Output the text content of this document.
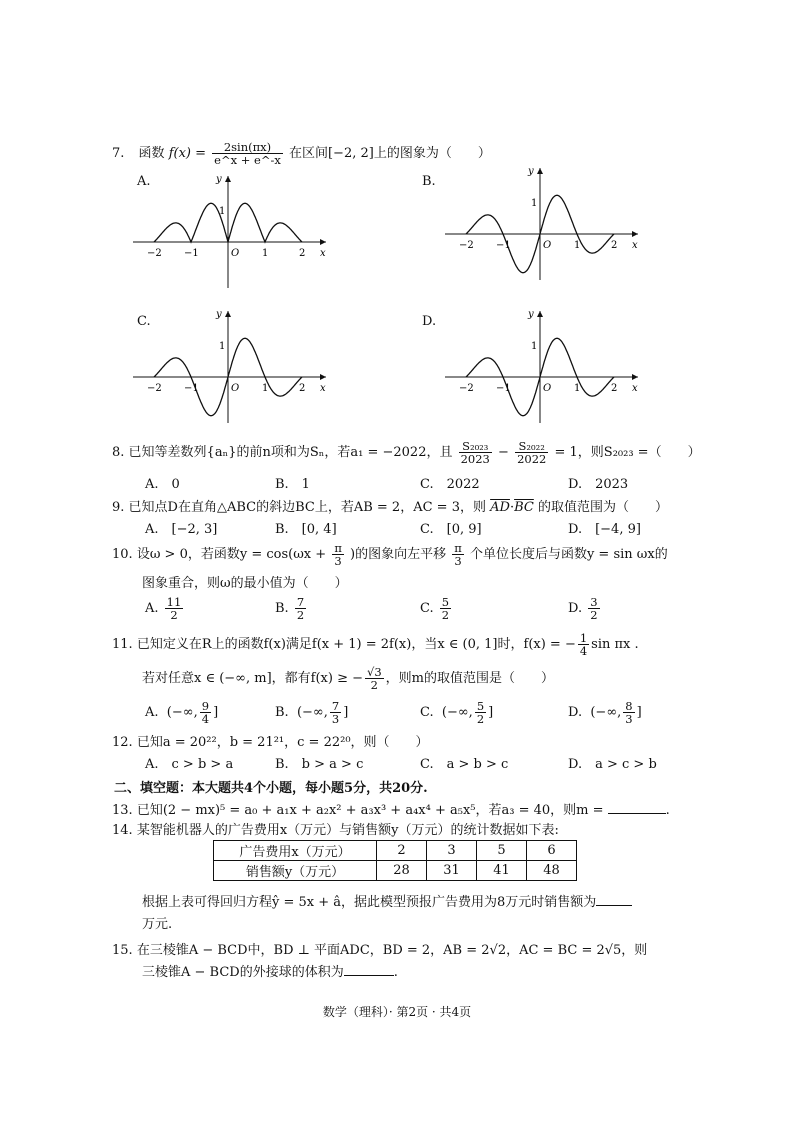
7. 函数 $f(x) = \frac{2\sin(\pi x)}{e\^{}x + e\^{}-x}$ 在区间[−2, 2]上的图象为（　　）
A.	B.
C.	D.
x
y
O
1
−2 −1	1	2
x
y
O
1
−2 −1	1	2
x
y
O
1
−2 −1	1	2	x
y
O
1
−2 −1	1	2
8. 已知等差数列{aₙ}的前n项和为Sₙ，若a₁ = −2022，且 $\frac{\text{S₂₀₂₃}}{2023} - \frac{\text{S₂₀₂₂}}{2022} = 1$，则S₂₀₂₃ =（　　）
A.　0	B.　1	C.　2022	D.　2023
9. 已知点D在直角△ABC的斜边BC上，若AB = 2，AC = 3，则 $\overline{AD}\cdot\overline{BC}$ 的取值范围为（　　）
A.　[−2, 3]	B.　[0, 4]	C.　[0, 9]	D.　[−4, 9]
10. 设ω > 0，若函数$y = \cos(\omega x + \frac{\pi}{3}$ )的图象向左平移 $\frac{\pi}{3}$ 个单位长度后与函数y = sin ωx的
图象重合，则ω的最小值为（　　）
A. $\frac{11}{2}$	B. $\frac{7}{2}$	C. $\frac{5}{2}$	D. $\frac{3}{2}$
11. 已知定义在R上的函数f(x)满足f(x + 1) = 2f(x)，当x ∈ (0, 1]时，f(x) = − $\frac{1}{4}$ sin πx .
若对任意x ∈ (−∞, m]，都有f(x) ≥ − $\frac{√3}{2}$ ，则m的取值范围是（　　）
A. (−∞, $\frac{9}{4}$ ]	B. (−∞, $\frac{7}{3}$ ]	C. (−∞, $\frac{5}{2}$ ]	D. (−∞, $\frac{8}{3}$ ]
12. 已知a = 20²²，b = 21²¹，c = 22²⁰，则（　　）
A.　c > b > a	B.　b > a > c	C.　a > b > c	D.　a > c > b
二、填空题：本大题共4个小题，每小题5分，共20分.
13. 已知(2 − mx)⁵ = a₀ + a₁x + a₂x² + a₃x³ + a₄x⁴ + a₅x⁵，若a₃ = 40，则m =	.
14. 某智能机器人的广告费用x（万元）与销售额y（万元）的统计数据如下表:
广告费用x（万元）	2	3	5	6
销售额y（万元）	28	31	41	48
根据上表可得回归方程ŷ = 5x + â，据此模型预报广告费用为8万元时销售额为
万元.
15. 在三棱锥A − BCD中，BD ⊥ 平面ADC，BD = 2，AB = 2√2，AC = BC = 2√5，则
三棱锥A − BCD的外接球的体积为	.
数学（理科）· 第2页 · 共4页
